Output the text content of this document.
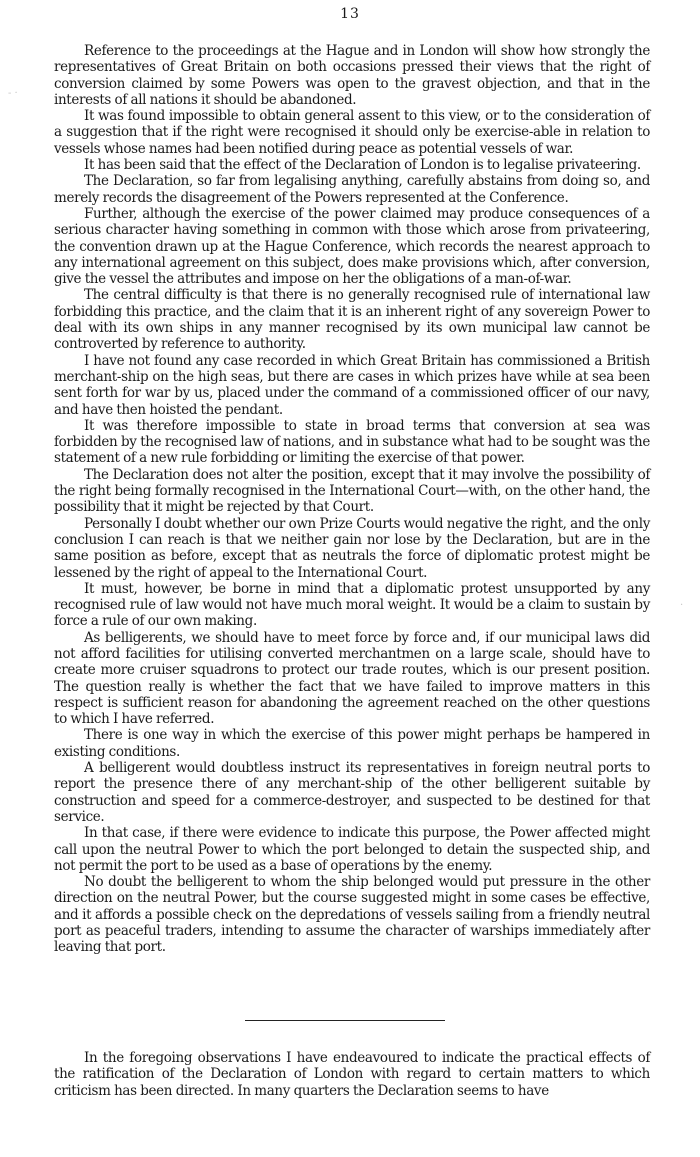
13
- ·
·

Reference to the proceedings at the Hague and in London will show how strongly the representatives of Great Britain on both occasions pressed their views that the right of conversion claimed by some Powers was open to the gravest objection, and that in the interests of all nations it should be abandoned.

It was found impossible to obtain general assent to this view, or to the consideration of a suggestion that if the right were recognised it should only be exercise-able in relation to vessels whose names had been notified during peace as potential vessels of war.

It has been said that the effect of the Declaration of London is to legalise privateering.

The Declaration, so far from legalising anything, carefully abstains from doing so, and merely records the disagreement of the Powers represented at the Conference.

Further, although the exercise of the power claimed may produce consequences of a serious character having something in common with those which arose from privateering, the convention drawn up at the Hague Conference, which records the nearest approach to any international agreement on this subject, does make provisions which, after conversion, give the vessel the attributes and impose on her the obligations of a man-of-war.

The central difficulty is that there is no generally recognised rule of international law forbidding this practice, and the claim that it is an inherent right of any sovereign Power to deal with its own ships in any manner recognised by its own municipal law cannot be controverted by reference to authority.

I have not found any case recorded in which Great Britain has commissioned a British merchant-ship on the high seas, but there are cases in which prizes have while at sea been sent forth for war by us, placed under the command of a commissioned officer of our navy, and have then hoisted the pendant.

It was therefore impossible to state in broad terms that conversion at sea was forbidden by the recognised law of nations, and in substance what had to be sought was the statement of a new rule forbidding or limiting the exercise of that power.

The Declaration does not alter the position, except that it may involve the possibility of the right being formally recognised in the International Court—with, on the other hand, the possibility that it might be rejected by that Court.

Personally I doubt whether our own Prize Courts would negative the right, and the only conclusion I can reach is that we neither gain nor lose by the Declaration, but are in the same position as before, except that as neutrals the force of diplomatic protest might be lessened by the right of appeal to the International Court.

It must, however, be borne in mind that a diplomatic protest unsupported by any recognised rule of law would not have much moral weight. It would be a claim to sustain by force a rule of our own making.

As belligerents, we should have to meet force by force and, if our municipal laws did not afford facilities for utilising converted merchantmen on a large scale, should have to create more cruiser squadrons to protect our trade routes, which is our present position. The question really is whether the fact that we have failed to improve matters in this respect is sufficient reason for abandoning the agreement reached on the other questions to which I have referred.

There is one way in which the exercise of this power might perhaps be hampered in existing conditions.

A belligerent would doubtless instruct its representatives in foreign neutral ports to report the presence there of any merchant-ship of the other belligerent suitable by construction and speed for a commerce-destroyer, and suspected to be destined for that service.

In that case, if there were evidence to indicate this purpose, the Power affected might call upon the neutral Power to which the port belonged to detain the suspected ship, and not permit the port to be used as a base of operations by the enemy.

No doubt the belligerent to whom the ship belonged would put pressure in the other direction on the neutral Power, but the course suggested might in some cases be effective, and it affords a possible check on the depredations of vessels sailing from a friendly neutral port as peaceful traders, intending to assume the character of warships immediately after leaving that port.

In the foregoing observations I have endeavoured to indicate the practical effects of the ratification of the Declaration of London with regard to certain matters to which criticism has been directed. In many quarters the Declaration seems to have
